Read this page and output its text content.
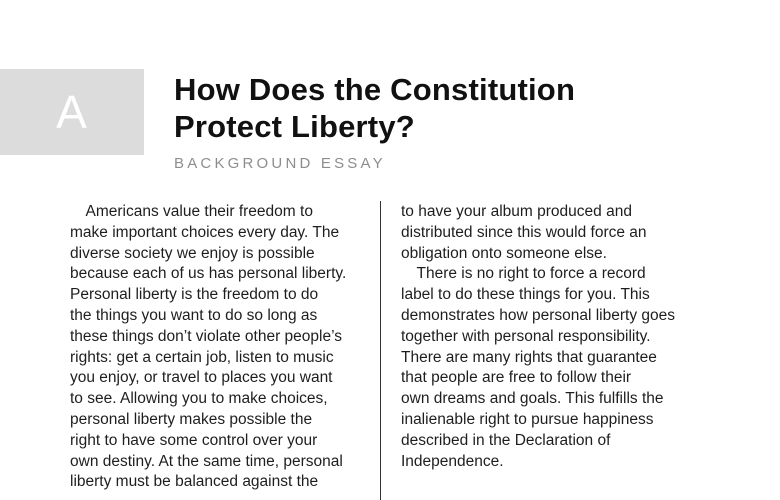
A	How Does the Constitution
Protect Liberty?
BACKGROUND ESSAY
 Americans value their freedom to
make important choices every day. The
diverse society we enjoy is possible
because each of us has personal liberty.
Personal liberty is the freedom to do
the things you want to do so long as
these things don’t violate other people’s
rights: get a certain job, listen to music
you enjoy, or travel to places you want
to see. Allowing you to make choices,
personal liberty makes possible the
right to have some control over your
own destiny. At the same time, personal
liberty must be balanced against the
to have your album produced and
distributed since this would force an
obligation onto someone else.
 There is no right to force a record
label to do these things for you. This
demonstrates how personal liberty goes
together with personal responsibility.
There are many rights that guarantee
that people are free to follow their
own dreams and goals. This fulfills the
inalienable right to pursue happiness
described in the Declaration of
Independence.
